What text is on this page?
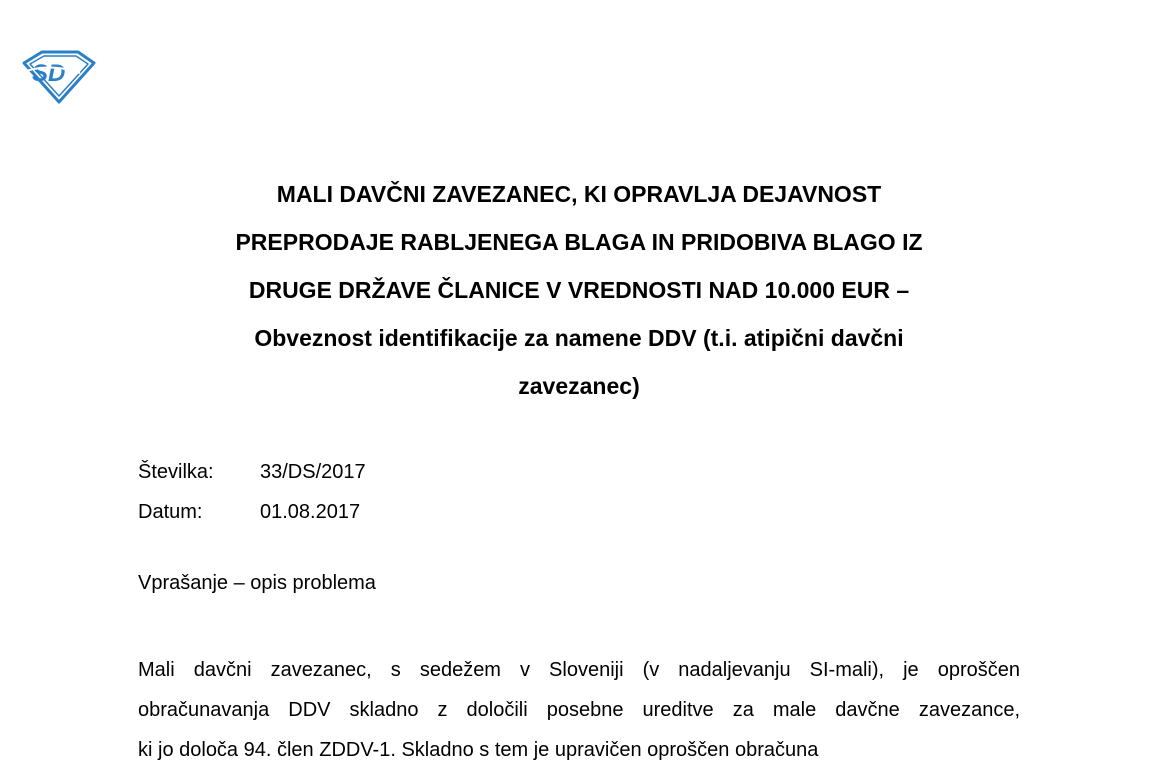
SD
MALI DAVČNI ZAVEZANEC, KI OPRAVLJA DEJAVNOST
PREPRODAJE RABLJENEGA BLAGA IN PRIDOBIVA BLAGO IZ
DRUGE DRŽAVE ČLANICE V VREDNOSTI NAD 10.000 EUR –
Obveznost identifikacije za namene DDV (t.i. atipični davčni
zavezanec)
Številka:	33/DS/2017
Datum:	01.08.2017
Vprašanje – opis problema
Mali davčni zavezanec, s sedežem v Sloveniji (v nadaljevanju SI-mali), je oproščen
obračunavanja DDV skladno z določili posebne ureditve za male davčne zavezance,
ki jo določa 94. člen ZDDV-1. Skladno s tem je upravičen oproščen obračuna
